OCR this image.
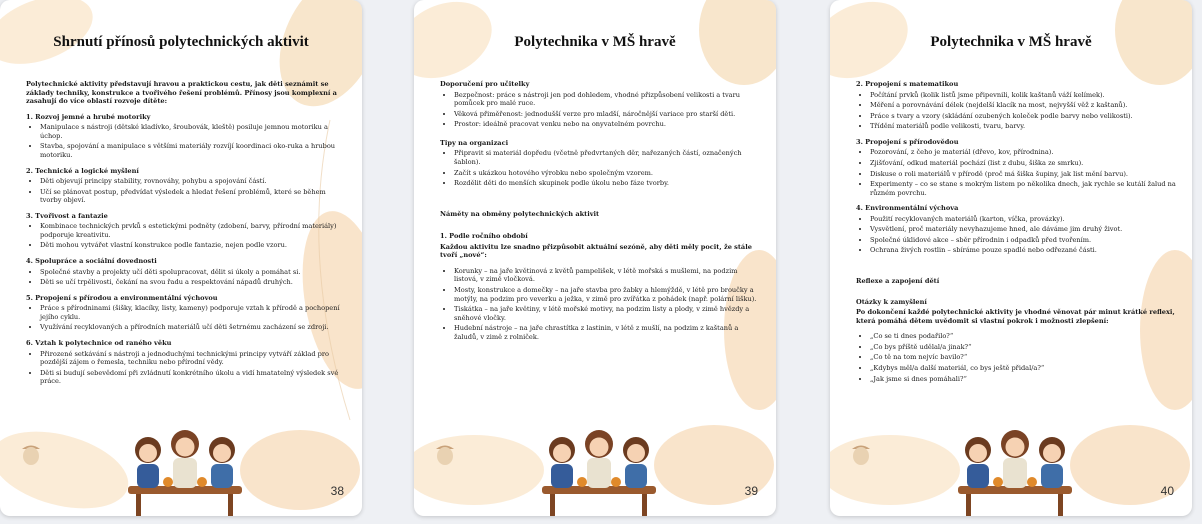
Shrnutí přínosů polytechnických aktivit

Polytechnické aktivity představují hravou a praktickou cestu, jak děti seznámit se základy techniky, konstrukce a tvořivého řešení problémů. Přínosy jsou komplexní a zasahují do více oblastí rozvoje dítěte:

1. Rozvoj jemné a hrubé motoriky
• Manipulace s nástroji (dětské kladívko, šroubovák, kleště) posiluje jemnou motoriku a úchop.
• Stavba, spojování a manipulace s většími materiály rozvíjí koordinaci oko-ruka a hrubou motoriku.
2. Technické a logické myšlení
• Děti objevují principy stability, rovnováhy, pohybu a spojování částí.
• Učí se plánovat postup, předvídat výsledek a hledat řešení problémů, které se během tvorby objeví.
3. Tvořivost a fantazie
• Kombinace technických prvků s estetickými podněty (zdobení, barvy, přírodní materiály) podporuje kreativitu.
• Děti mohou vytvářet vlastní konstrukce podle fantazie, nejen podle vzoru.
4. Spolupráce a sociální dovednosti
• Společné stavby a projekty učí děti spolupracovat, dělit si úkoly a pomáhat si.
• Děti se učí trpělivosti, čekání na svou řadu a respektování nápadů druhých.
5. Propojení s přírodou a environmentální výchovou
• Práce s přírodninami (šišky, klacíky, listy, kameny) podporuje vztah k přírodě a pochopení jejího cyklu.
• Využívání recyklovaných a přírodních materiálů učí děti šetrnému zacházení se zdroji.
6. Vztah k polytechnice od raného věku
• Přirozené setkávání s nástroji a jednoduchými technickými principy vytváří základ pro pozdější zájem o řemesla, techniku nebo přírodní vědy.
• Děti si budují sebevědomí při zvládnutí konkrétního úkolu a vidí hmatatelný výsledek své práce.
38
Polytechnika v MŠ hravě
Doporučení pro učitelky
• Bezpečnost: práce s nástroji jen pod dohledem, vhodné přizpůsobení velikosti a tvaru pomůcek pro malé ruce.
• Věková přiměřenost: jednodušší verze pro mladší, náročnější variace pro starší děti.
• Prostor: ideálně pracovat venku nebo na onyvatelném povrchu.
Tipy na organizaci
• Připravit si materiál dopředu (včetně předvrtaných děr, nařezaných částí, označených šablon).
• Začít s ukázkou hotového výrobku nebo společným vzorem.
• Rozdělit děti do menších skupinek podle úkolu nebo fáze tvorby.
Náměty na obměny polytechnických aktivit
1. Podle ročního období

Každou aktivitu lze snadno přizpůsobit aktuální sezóně, aby děti měly pocit, že stále tvoří „nové“:

• Korunky – na jaře květinová z květů pampelišek, v létě mořská s mušlemi, na podzim listová, v zimě vločková.
• Mosty, konstrukce a domečky – na jaře stavba pro žabky a hlemýždě, v létě pro broučky a motýly, na podzim pro veverku a ježka, v zimě pro zvířátka z pohádek (např. polární lišku).
• Tiskátka – na jaře květiny, v létě mořské motivy, na podzim listy a plody, v zimě hvězdy a sněhové vločky.
• Hudební nástroje – na jaře chrastítka z lastinin, v létě z mušlí, na podzim z kaštanů a žaludů, v zimě z rolniček.
39
Polytechnika v MŠ hravě
2. Propojení s matematikou
• Počítání prvků (kolik listů jsme připevnili, kolik kaštanů váží kelímek).
• Měření a porovnávání délek (nejdelší klacík na most, nejvyšší věž z kaštanů).
• Práce s tvary a vzory (skládání ozubených koleček podle barvy nebo velikosti).
• Třídění materiálů podle velikosti, tvaru, barvy.
3. Propojení s přírodovědou
• Pozorování, z čeho je materiál (dřevo, kov, přírodnina).
• Zjišťování, odkud materiál pochází (list z dubu, šiška ze smrku).
• Diskuse o roli materiálů v přírodě (proč má šiška šupiny, jak list mění barvu).
• Experimenty – co se stane s mokrým listem po několika dnech, jak rychle se kutálí žalud na různém povrchu.
4. Environmentální výchova
• Použití recyklovaných materiálů (karton, víčka, provázky).
• Vysvětlení, proč materiály nevyhazujeme hned, ale dáváme jim druhý život.
• Společné úklidové akce – sběr přírodnin i odpadků před tvořením.
• Ochrana živých rostlin – sbíráme pouze spadlé nebo odřezané části.
Reflexe a zapojení dětí
Otázky k zamyšlení

Po dokončení každé polytechnické aktivity je vhodné věnovat pár minut krátké reflexi, která pomáhá dětem uvědomit si vlastní pokrok i možnosti zlepšení:

• „Co se ti dnes podařilo?“
• „Co bys příště udělal/a jinak?“
• „Co tě na tom nejvíc bavilo?“
• „Kdybys měl/a další materiál, co bys ještě přidal/a?“
• „Jak jsme si dnes pomáhali?“
40
